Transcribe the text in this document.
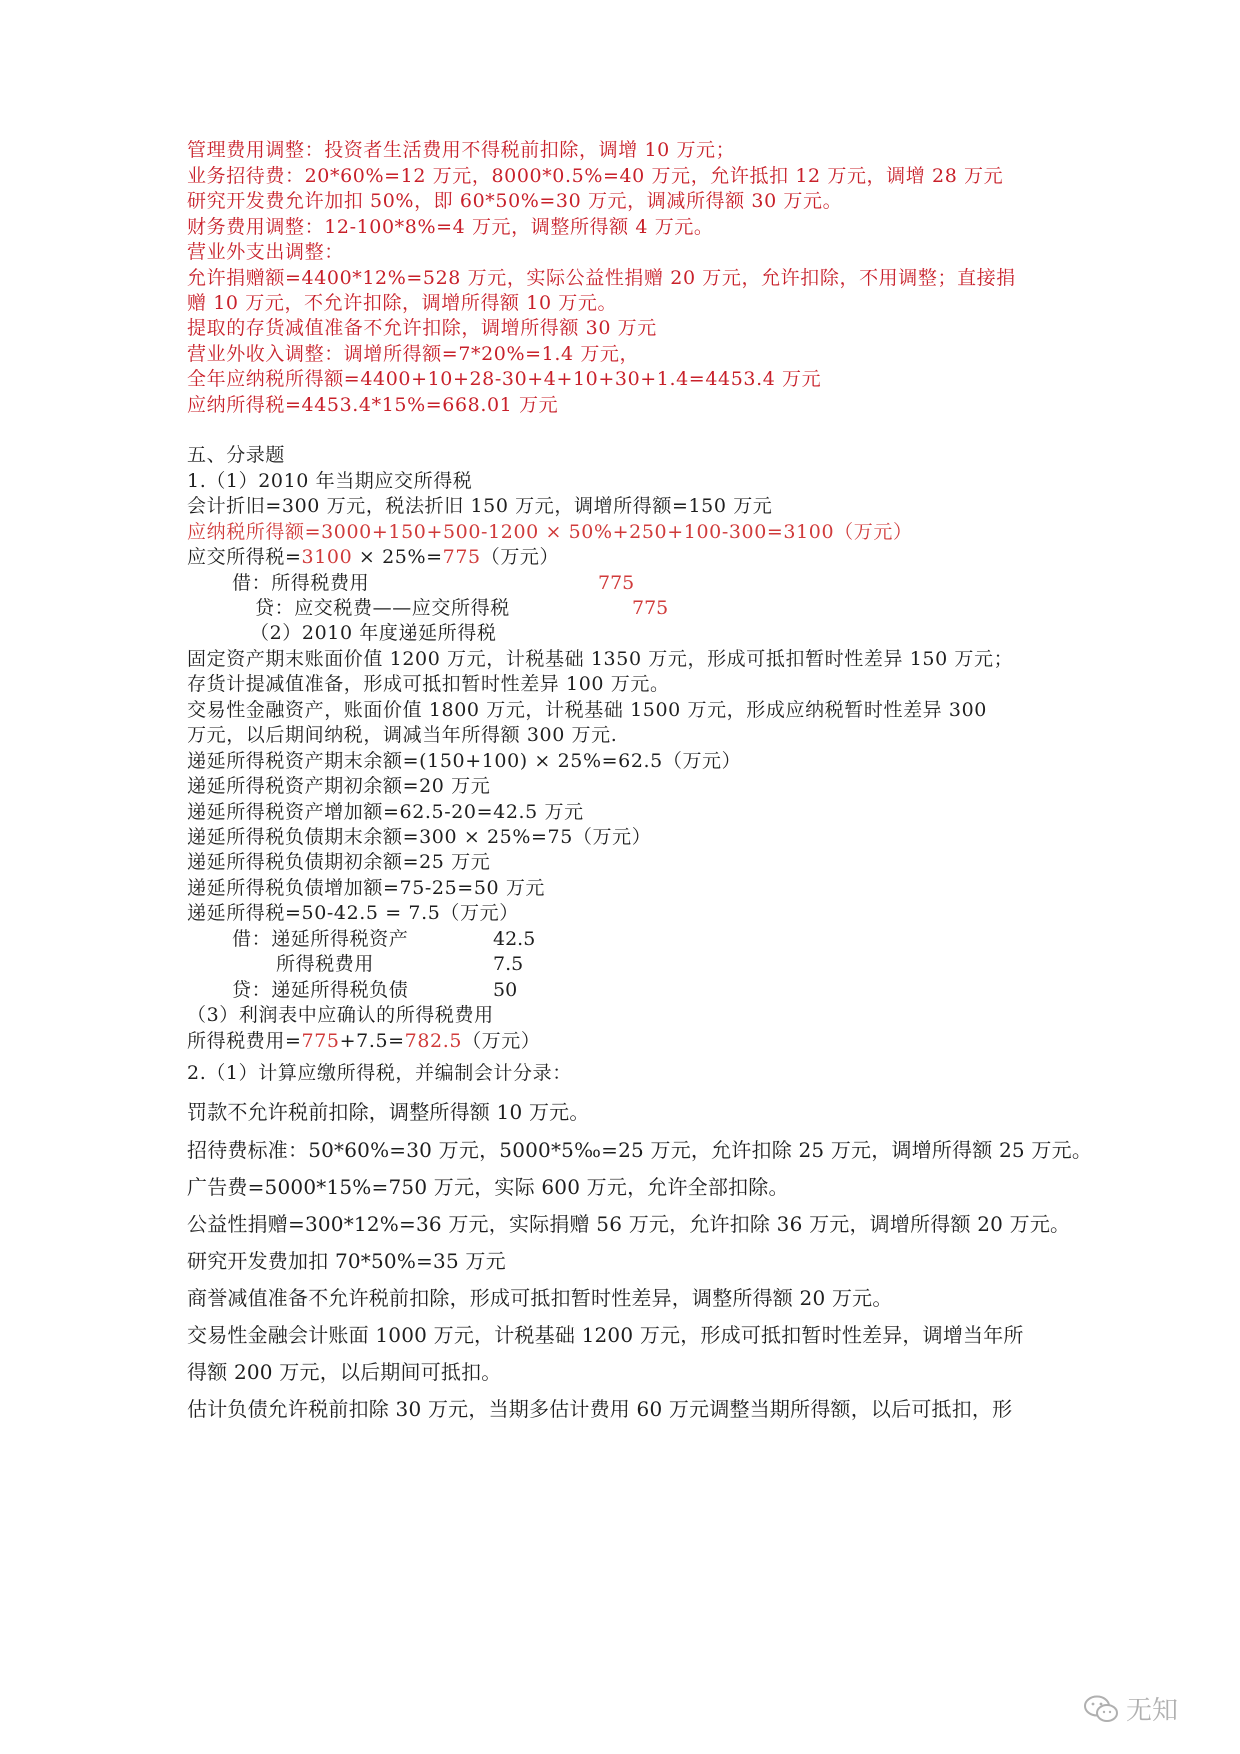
管理费用调整：投资者生活费用不得税前扣除，调增 10 万元；
业务招待费：20*60%=12 万元，8000*0.5%=40 万元，允许抵扣 12 万元，调增 28 万元
研究开发费允许加扣 50%，即 60*50%=30 万元，调减所得额 30 万元。
财务费用调整：12-100*8%=4 万元，调整所得额 4 万元。
营业外支出调整：
允许捐赠额=4400*12%=528 万元，实际公益性捐赠 20 万元，允许扣除，不用调整；直接捐
赠 10 万元，不允许扣除，调增所得额 10 万元。
提取的存货减值准备不允许扣除，调增所得额 30 万元
营业外收入调整：调增所得额=7*20%=1.4 万元，
全年应纳税所得额=4400+10+28-30+4+10+30+1.4=4453.4 万元
应纳所得税=4453.4*15%=668.01 万元
五、分录题
1.（1）2010 年当期应交所得税
会计折旧=300 万元，税法折旧 150 万元，调增所得额=150 万元
应纳税所得额=3000+150+500-1200 × 50%+250+100-300=3100（万元）
应交所得税=3100 × 25%=775（万元）
借：所得税费用	775
贷：应交税费——应交所得税	775
（2）2010 年度递延所得税
固定资产期末账面价值 1200 万元，计税基础 1350 万元，形成可抵扣暂时性差异 150 万元；
存货计提减值准备，形成可抵扣暂时性差异 100 万元。
交易性金融资产，账面价值 1800 万元，计税基础 1500 万元，形成应纳税暂时性差异 300
万元，以后期间纳税，调减当年所得额 300 万元.
递延所得税资产期末余额=(150+100) × 25%=62.5（万元）
递延所得税资产期初余额=20 万元
递延所得税资产增加额=62.5-20=42.5 万元
递延所得税负债期末余额=300 × 25%=75（万元）
递延所得税负债期初余额=25 万元
递延所得税负债增加额=75-25=50 万元
递延所得税=50-42.5 = 7.5（万元）
借：递延所得税资产	42.5
所得税费用	7.5
贷：递延所得税负债	50
（3）利润表中应确认的所得税费用
所得税费用=775+7.5=782.5（万元）
2.（1）计算应缴所得税，并编制会计分录：
罚款不允许税前扣除，调整所得额 10 万元。
招待费标准：50*60%=30 万元，5000*5‰=25 万元，允许扣除 25 万元，调增所得额 25 万元。
广告费=5000*15%=750 万元，实际 600 万元，允许全部扣除。
公益性捐赠=300*12%=36 万元，实际捐赠 56 万元，允许扣除 36 万元，调增所得额 20 万元。
研究开发费加扣 70*50%=35 万元
商誉减值准备不允许税前扣除，形成可抵扣暂时性差异，调整所得额 20 万元。
交易性金融会计账面 1000 万元，计税基础 1200 万元，形成可抵扣暂时性差异，调增当年所
得额 200 万元，以后期间可抵扣。
估计负债允许税前扣除 30 万元，当期多估计费用 60 万元调整当期所得额，以后可抵扣，形
无知
